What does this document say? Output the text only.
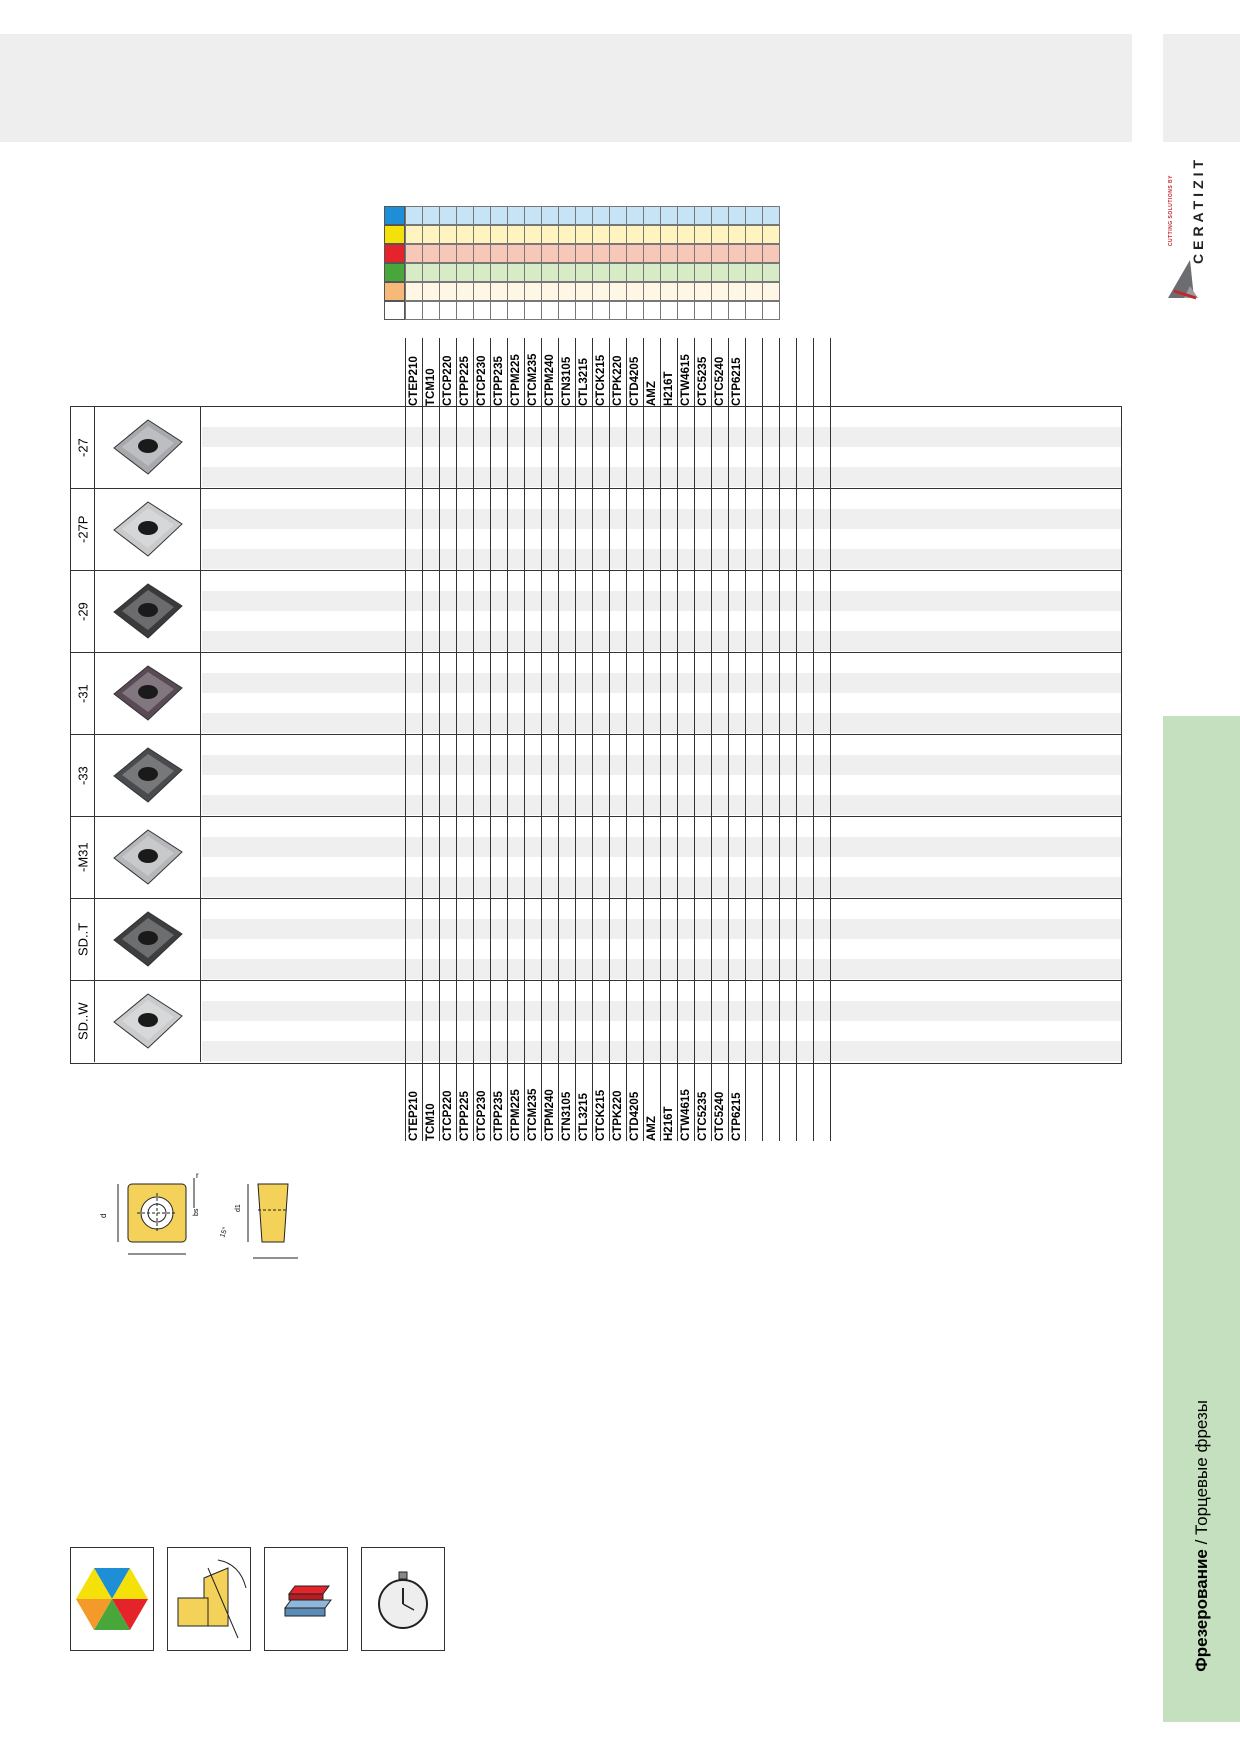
CERATIZIT
CUTTING SOLUTIONS BY
Фрезерование / Торцевые фрезы
CTEP210 TCM10 CTCP220 CTPP225 CTCP230 CTPP235 CTPM225 CTCM235 CTPM240 CTN3105 CTL3215 CTCK215 CTPK220 CTD4205 AMZ H216T CTW4615 CTC5235 CTC5240 CTP6215
-27
-27P
-29
-31
-33
-M31
SD..T
SD..W
CTEP210 TCM10 CTCP220 CTPP225 CTCP230 CTPP235 CTPM225 CTCM235 CTPM240 CTN3105 CTL3215 CTCK215 CTPK220 CTD4205 AMZ H216T CTW4615 CTC5235 CTC5240 CTP6215
d
r
d1
15°
bs
